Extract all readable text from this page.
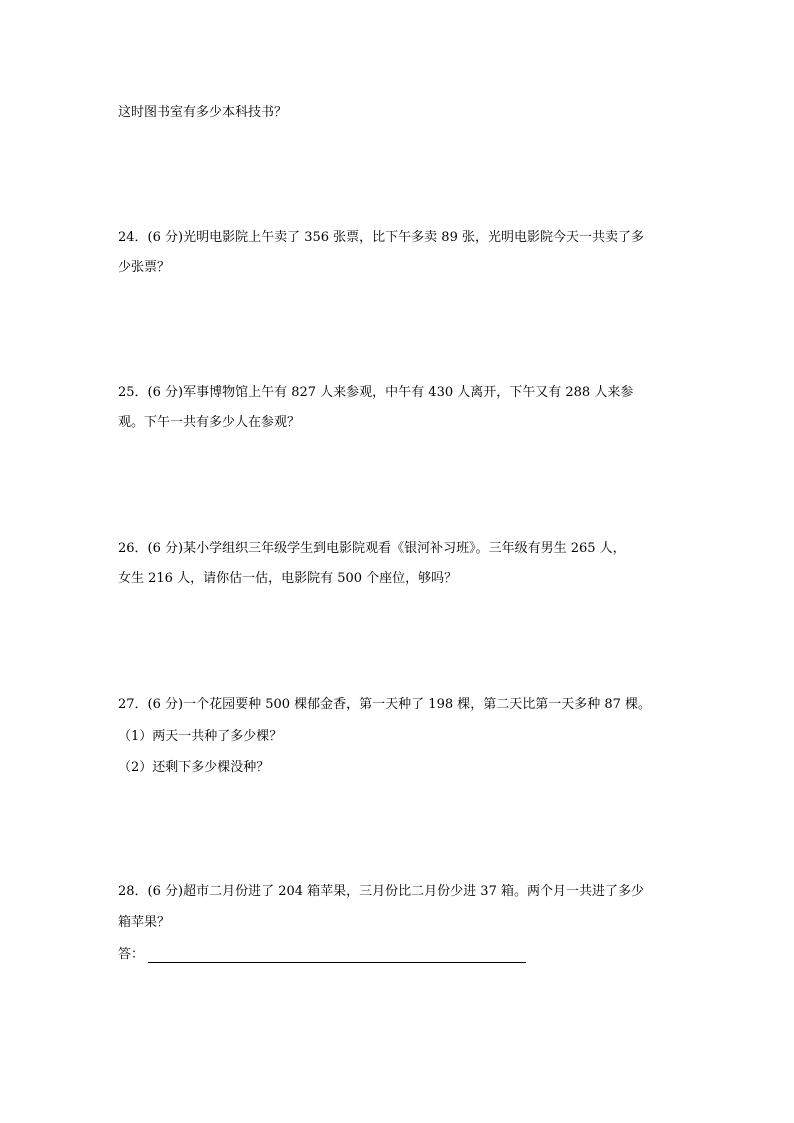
这时图书室有多少本科技书？
24．(6 分)光明电影院上午卖了 356 张票，比下午多卖 89 张，光明电影院今天一共卖了多
少张票？
25．(6 分)军事博物馆上午有 827 人来参观，中午有 430 人离开，下午又有 288 人来参
观。下午一共有多少人在参观？
26．(6 分)某小学组织三年级学生到电影院观看《银河补习班》。三年级有男生 265 人，
女生 216 人，请你估一估，电影院有 500 个座位，够吗？
27．(6 分)一个花园要种 500 棵郁金香，第一天种了 198 棵，第二天比第一天多种 87 棵。
（1）两天一共种了多少棵？
（2）还剩下多少棵没种？
28．(6 分)超市二月份进了 204 箱苹果，三月份比二月份少进 37 箱。两个月一共进了多少
箱苹果？
答：
